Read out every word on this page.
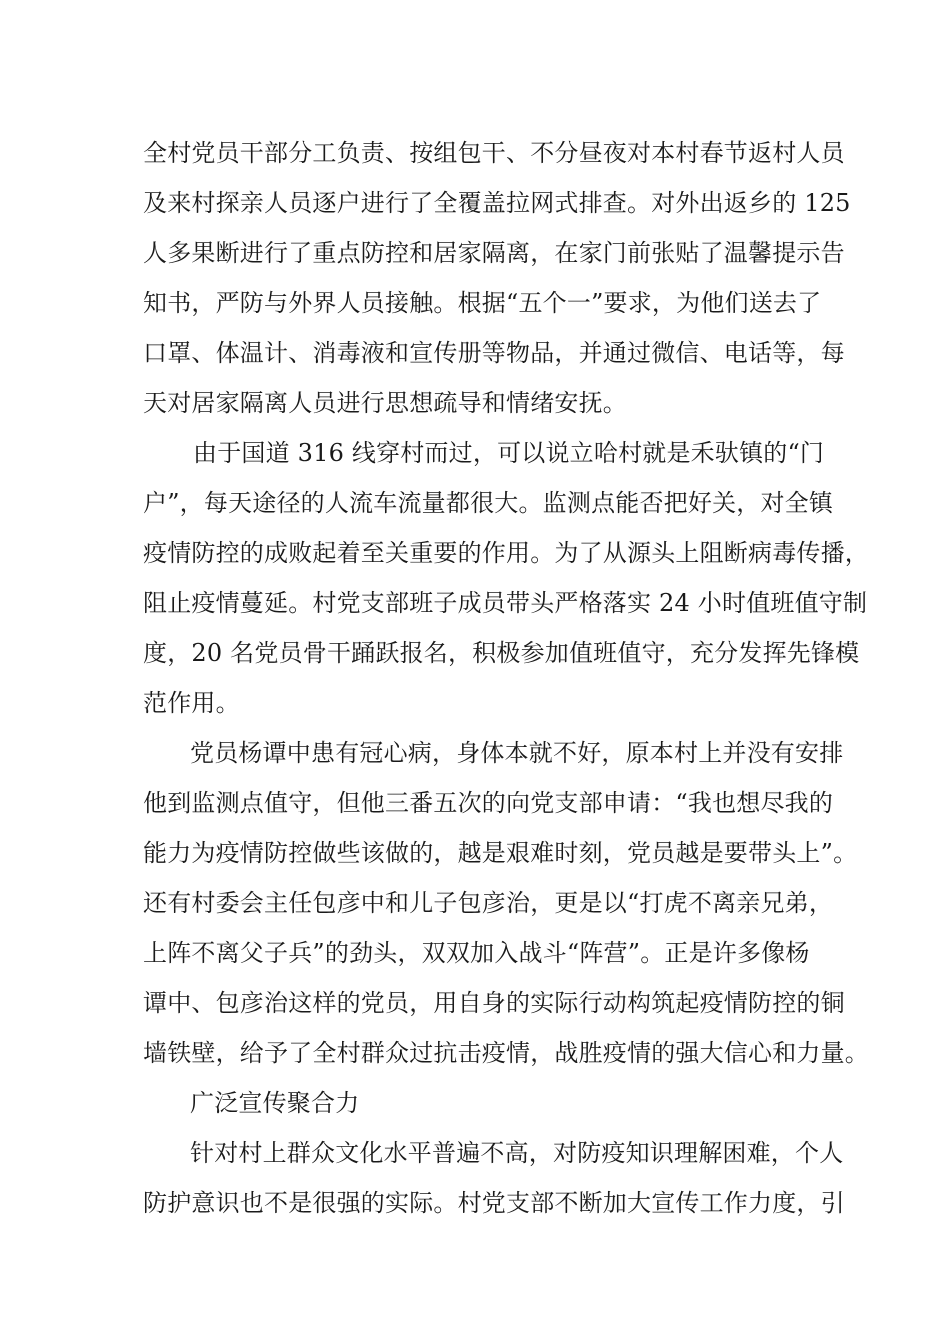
全村党员干部分工负责、按组包干、不分昼夜对本村春节返村人员
及来村探亲人员逐户进行了全覆盖拉网式排查。对外出返乡的 125
人多果断进行了重点防控和居家隔离，在家门前张贴了温馨提示告
知书，严防与外界人员接触。根据“五个一”要求，为他们送去了
口罩、体温计、消毒液和宣传册等物品，并通过微信、电话等，每
天对居家隔离人员进行思想疏导和情绪安抚。
由于国道 316 线穿村而过，可以说立哈村就是禾驮镇的“门
户”，每天途径的人流车流量都很大。监测点能否把好关，对全镇
疫情防控的成败起着至关重要的作用。为了从源头上阻断病毒传播，
阻止疫情蔓延。村党支部班子成员带头严格落实 24 小时值班值守制
度，20 名党员骨干踊跃报名，积极参加值班值守，充分发挥先锋模
范作用。
党员杨谭中患有冠心病，身体本就不好，原本村上并没有安排
他到监测点值守，但他三番五次的向党支部申请：“我也想尽我的
能力为疫情防控做些该做的，越是艰难时刻，党员越是要带头上”。
还有村委会主任包彦中和儿子包彦治，更是以“打虎不离亲兄弟，
上阵不离父子兵”的劲头，双双加入战斗“阵营”。正是许多像杨
谭中、包彦治这样的党员，用自身的实际行动构筑起疫情防控的铜
墙铁壁，给予了全村群众过抗击疫情，战胜疫情的强大信心和力量。
广泛宣传聚合力
针对村上群众文化水平普遍不高，对防疫知识理解困难，个人
防护意识也不是很强的实际。村党支部不断加大宣传工作力度，引
